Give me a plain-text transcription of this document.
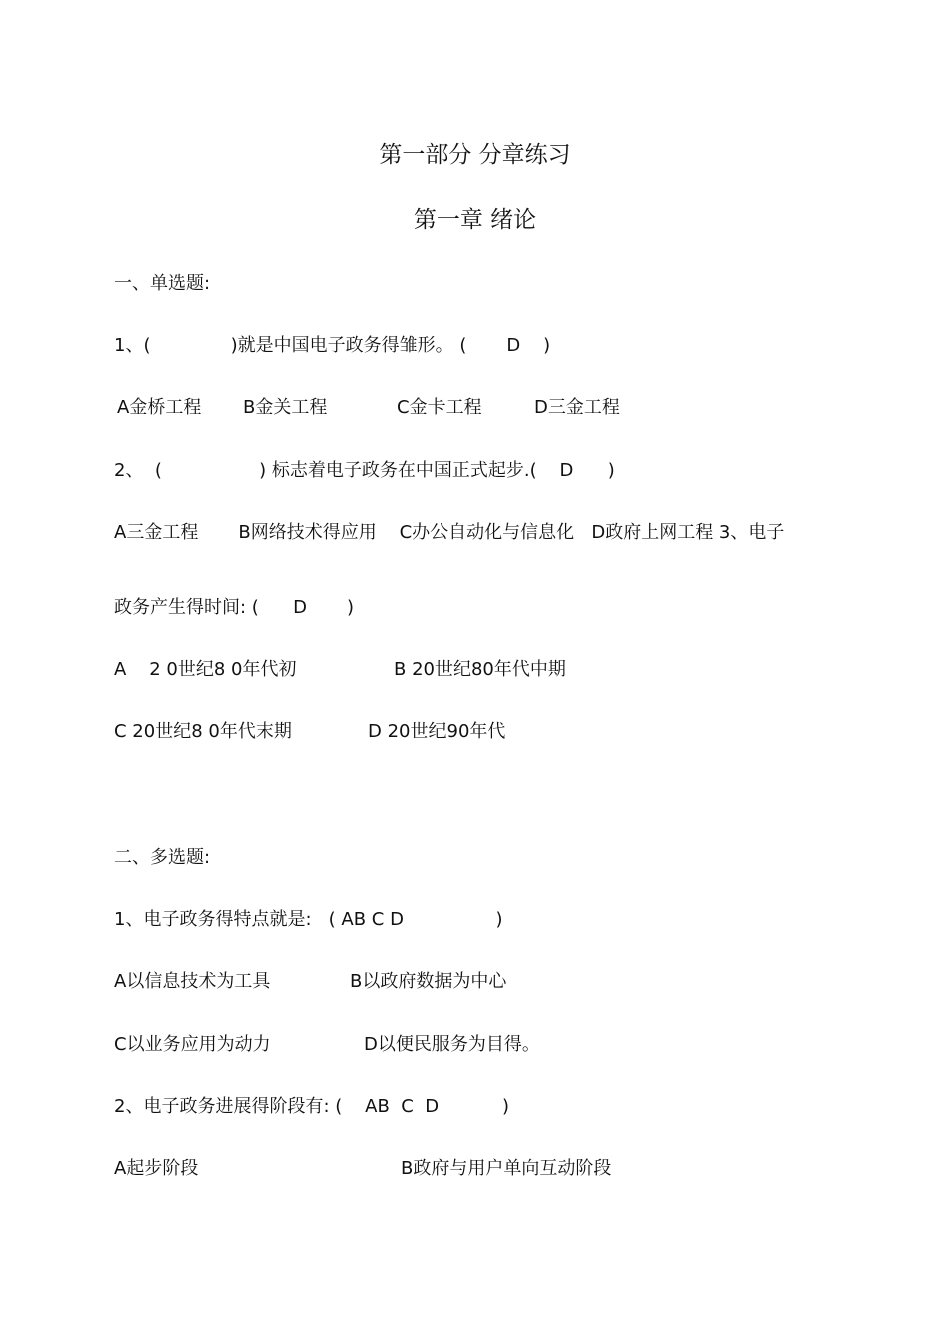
第一部分 分章练习
第一章 绪论
一、单选题:
1、(              )就是中国电子政务得雏形。 (       D    )
A金桥工程 B金关工程	C金卡工程	D三金工程
2、  (                 ) 标志着电子政务在中国正式起步.(    D      )
A三金工程       B网络技术得应用    C办公自动化与信息化   D政府上网工程 3、电子
政务产生得时间: (      D       )
A    2 0世纪8 0年代初	B 20世纪80年代中期
C 20世纪8 0年代末期	D 20世纪90年代
二、多选题:
1、电子政务得特点就是:   ( AB C D                )
A以信息技术为工具	B以政府数据为中心
C以业务应用为动力	D以便民服务为目得。
2、电子政务进展得阶段有: (    AB  C  D           )
A起步阶段	B政府与用户单向互动阶段
